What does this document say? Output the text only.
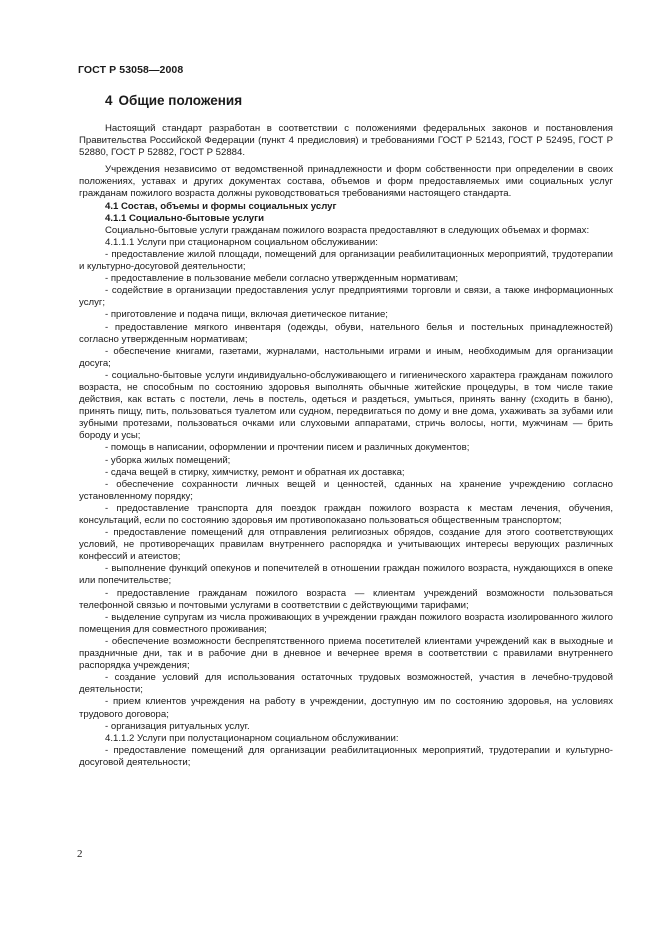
ГОСТ Р 53058—2008
4 Общие положения

Настоящий стандарт разработан в соответствии с положениями федеральных законов и постановления Правительства Российской Федерации (пункт 4 предисловия) и требованиями ГОСТ Р 52143, ГОСТ Р 52495, ГОСТ Р 52880, ГОСТ Р 52882, ГОСТ Р 52884.

Учреждения независимо от ведомственной принадлежности и форм собственности при определении в своих положениях, уставах и других документах состава, объемов и форм предоставляемых ими социальных услуг гражданам пожилого возраста должны руководствоваться требованиями настоящего стандарта.

4.1 Состав, объемы и формы социальных услуг

4.1.1 Социально-бытовые услуги

Социально-бытовые услуги гражданам пожилого возраста предоставляют в следующих объемах и формах:

4.1.1.1 Услуги при стационарном социальном обслуживании:

- предоставление жилой площади, помещений для организации реабилитационных мероприятий, трудотерапии и культурно-досуговой деятельности;

- предоставление в пользование мебели согласно утвержденным нормативам;

- содействие в организации предоставления услуг предприятиями торговли и связи, а также информационных услуг;

- приготовление и подача пищи, включая диетическое питание;

- предоставление мягкого инвентаря (одежды, обуви, нательного белья и постельных принадлежностей) согласно утвержденным нормативам;

- обеспечение книгами, газетами, журналами, настольными играми и иным, необходимым для организации досуга;

- социально-бытовые услуги индивидуально-обслуживающего и гигиенического характера гражданам пожилого возраста, не способным по состоянию здоровья выполнять обычные житейские процедуры, в том числе такие действия, как встать с постели, лечь в постель, одеться и раздеться, умыться, принять ванну (сходить в баню), принять пищу, пить, пользоваться туалетом или судном, передвигаться по дому и вне дома, ухаживать за зубами или зубными протезами, пользоваться очками или слуховыми аппаратами, стричь волосы, ногти, мужчинам — брить бороду и усы;

- помощь в написании, оформлении и прочтении писем и различных документов;

- уборка жилых помещений;

- сдача вещей в стирку, химчистку, ремонт и обратная их доставка;

- обеспечение сохранности личных вещей и ценностей, сданных на хранение учреждению согласно установленному порядку;

- предоставление транспорта для поездок граждан пожилого возраста к местам лечения, обучения, консультаций, если по состоянию здоровья им противопоказано пользоваться общественным транспортом;

- предоставление помещений для отправления религиозных обрядов, создание для этого соответствующих условий, не противоречащих правилам внутреннего распорядка и учитывающих интересы верующих различных конфессий и атеистов;

- выполнение функций опекунов и попечителей в отношении граждан пожилого возраста, нуждающихся в опеке или попечительстве;

- предоставление гражданам пожилого возраста — клиентам учреждений возможности пользоваться телефонной связью и почтовыми услугами в соответствии с действующими тарифами;

- выделение супругам из числа проживающих в учреждении граждан пожилого возраста изолированного жилого помещения для совместного проживания;

- обеспечение возможности беспрепятственного приема посетителей клиентами учреждений как в выходные и праздничные дни, так и в рабочие дни в дневное и вечернее время в соответствии с правилами внутреннего распорядка учреждения;

- создание условий для использования остаточных трудовых возможностей, участия в лечебно-трудовой деятельности;

- прием клиентов учреждения на работу в учреждении, доступную им по состоянию здоровья, на условиях трудового договора;

- организация ритуальных услуг.

4.1.1.2 Услуги при полустационарном социальном обслуживании:

- предоставление помещений для организации реабилитационных мероприятий, трудотерапии и культурно-досуговой деятельности;

2
